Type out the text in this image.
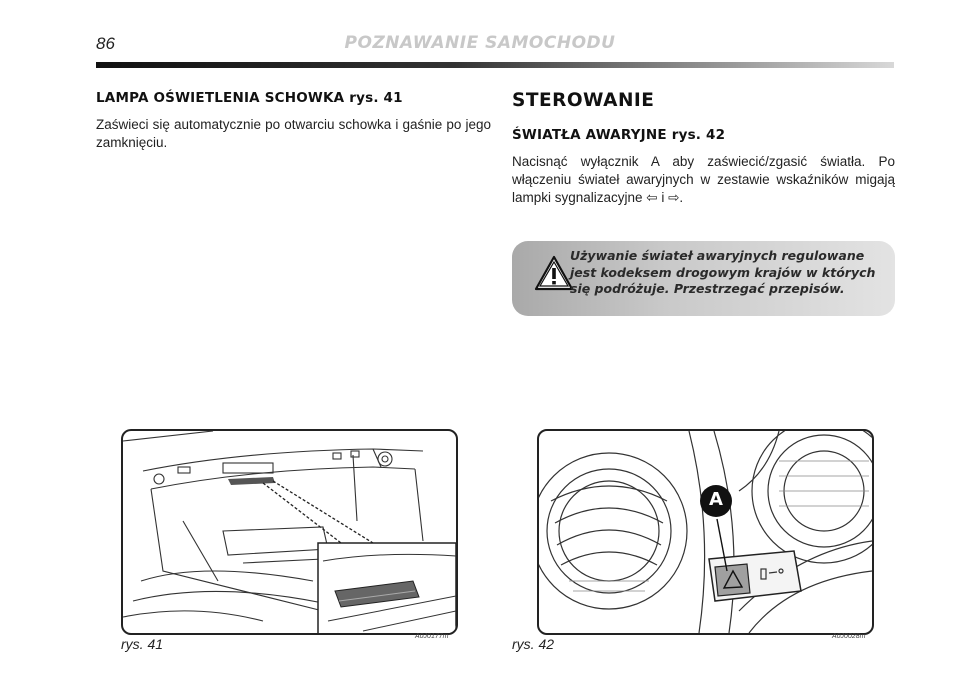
86	POZNAWANIE SAMOCHODU
LAMPA OŚWIETLENIA SCHOWKA rys. 41

Zaświeci się automatycznie po otwarciu schowka i gaśnie po jego zamknięciu.

STEROWANIE
ŚWIATŁA AWARYJNE rys. 42

Nacisnąć wyłącznik A aby zaświecić/zgasić światła. Po włączeniu świateł awaryjnych w zestawie wskaźników migają lampki sygnalizacyjne ⇦ i ⇨.

Używanie świateł awaryjnych regulowane jest kodeksem drogowym krajów w których się podróżuje. Przestrzegać przepisów.

rys. 41	A0J0177m
A
rys. 42	A0J0028m
